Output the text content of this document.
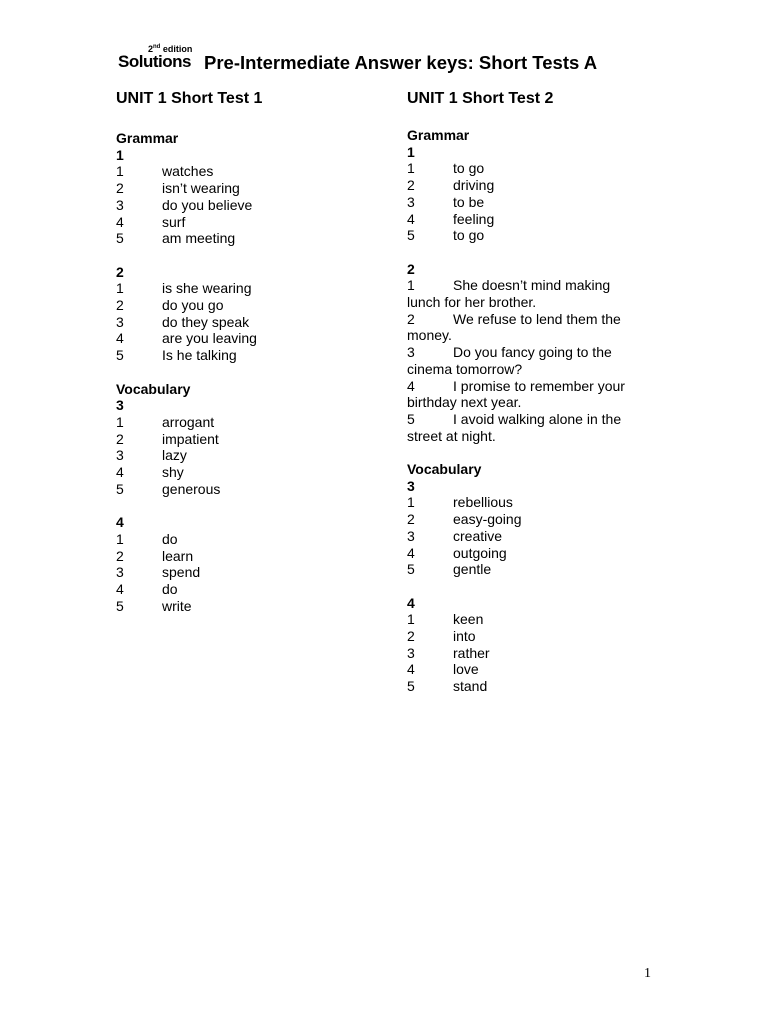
2nd edition
Solutions Pre-Intermediate Answer keys: Short Tests A
UNIT 1 Short Test 1
Grammar
1
1	watches
2	isn’t wearing
3	do you believe
4	surf
5	am meeting
2
1	is she wearing
2	do you go
3	do they speak
4	are you leaving
5	Is he talking
Vocabulary
3
1	arrogant
2	impatient
3	lazy
4	shy
5	generous
4
1	do
2	learn
3	spend
4	do
5	write
UNIT 1 Short Test 2
Grammar
1
1	to go
2	driving
3	to be
4	feeling
5	to go
2
1	She doesn’t mind making
lunch for her brother.
2	We refuse to lend them the
money.
3	Do you fancy going to the
cinema tomorrow?
4	I promise to remember your
birthday next year.
5	I avoid walking alone in the
street at night.
Vocabulary
3
1	rebellious
2	easy-going
3	creative
4	outgoing
5	gentle
4
1	keen
2	into
3	rather
4	love
5	stand
1
